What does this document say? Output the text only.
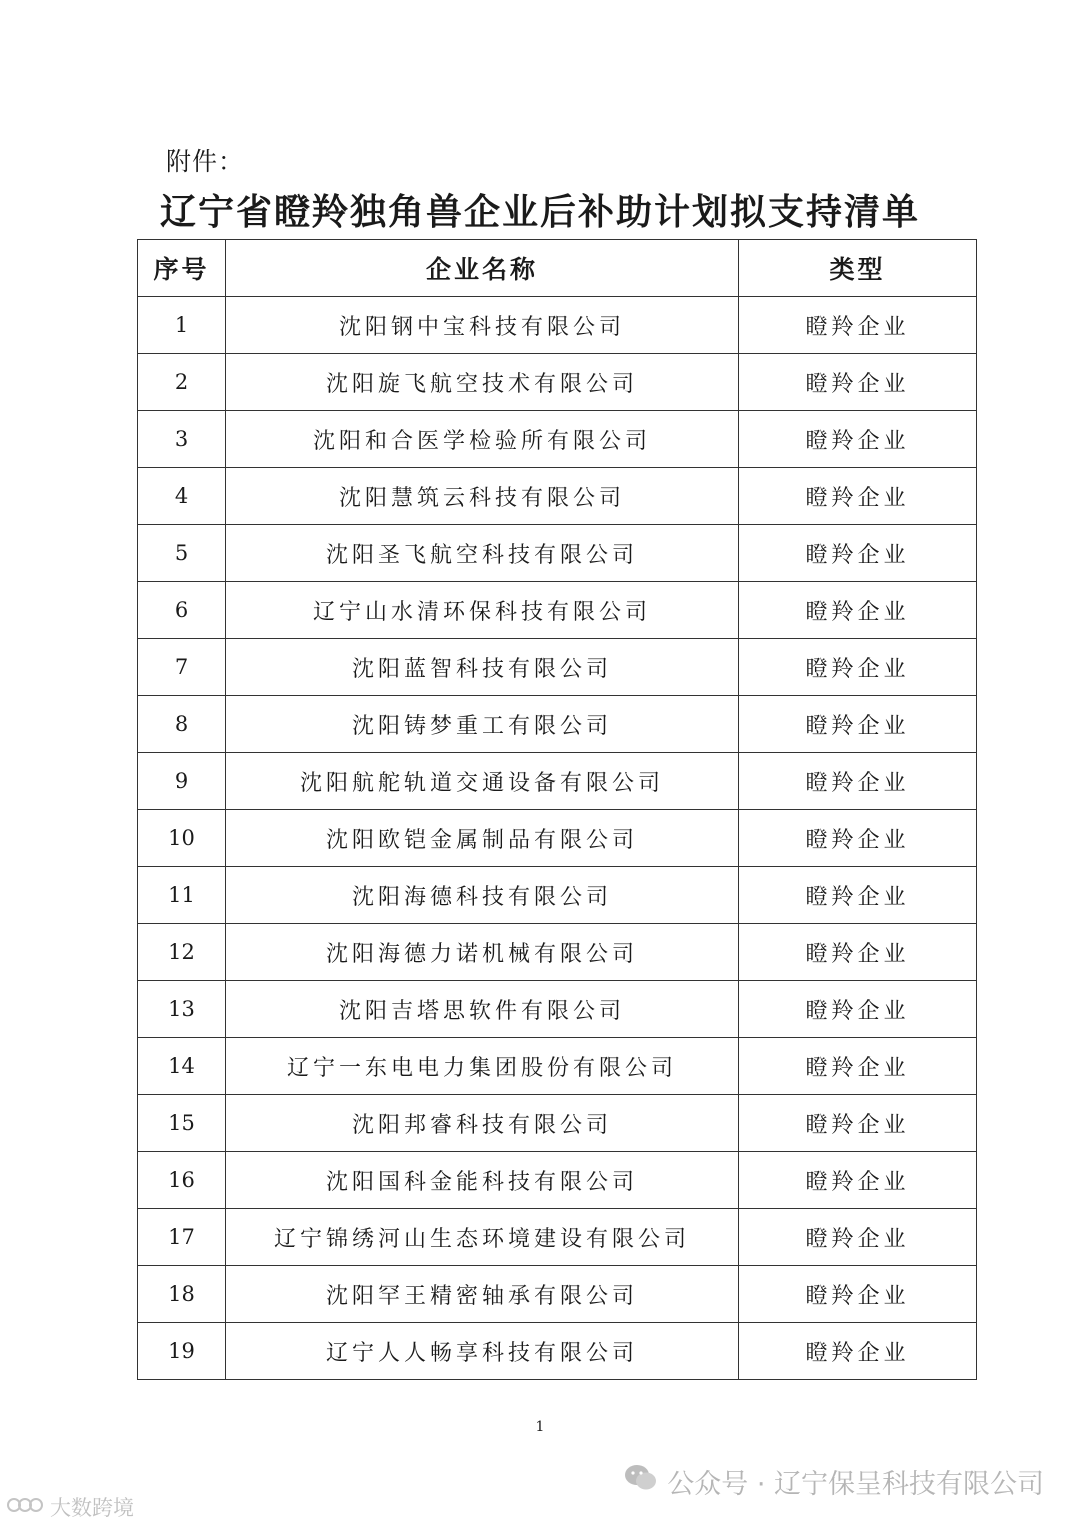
附件：
辽宁省瞪羚独角兽企业后补助计划拟支持清单
序号	企业名称	类型
1	沈阳钢中宝科技有限公司	瞪羚企业
2	沈阳旋飞航空技术有限公司	瞪羚企业
3	沈阳和合医学检验所有限公司	瞪羚企业
4	沈阳慧筑云科技有限公司	瞪羚企业
5	沈阳圣飞航空科技有限公司	瞪羚企业
6	辽宁山水清环保科技有限公司	瞪羚企业
7	沈阳蓝智科技有限公司	瞪羚企业
8	沈阳铸梦重工有限公司	瞪羚企业
9	沈阳航舵轨道交通设备有限公司	瞪羚企业
10	沈阳欧铠金属制品有限公司	瞪羚企业
11	沈阳海德科技有限公司	瞪羚企业
12	沈阳海德力诺机械有限公司	瞪羚企业
13	沈阳吉塔思软件有限公司	瞪羚企业
14	辽宁一东电电力集团股份有限公司	瞪羚企业
15	沈阳邦睿科技有限公司	瞪羚企业
16	沈阳国科金能科技有限公司	瞪羚企业
17	辽宁锦绣河山生态环境建设有限公司	瞪羚企业
18	沈阳罕王精密轴承有限公司	瞪羚企业
19	辽宁人人畅享科技有限公司	瞪羚企业
1
公众号 · 辽宁保呈科技有限公司
大数跨境
